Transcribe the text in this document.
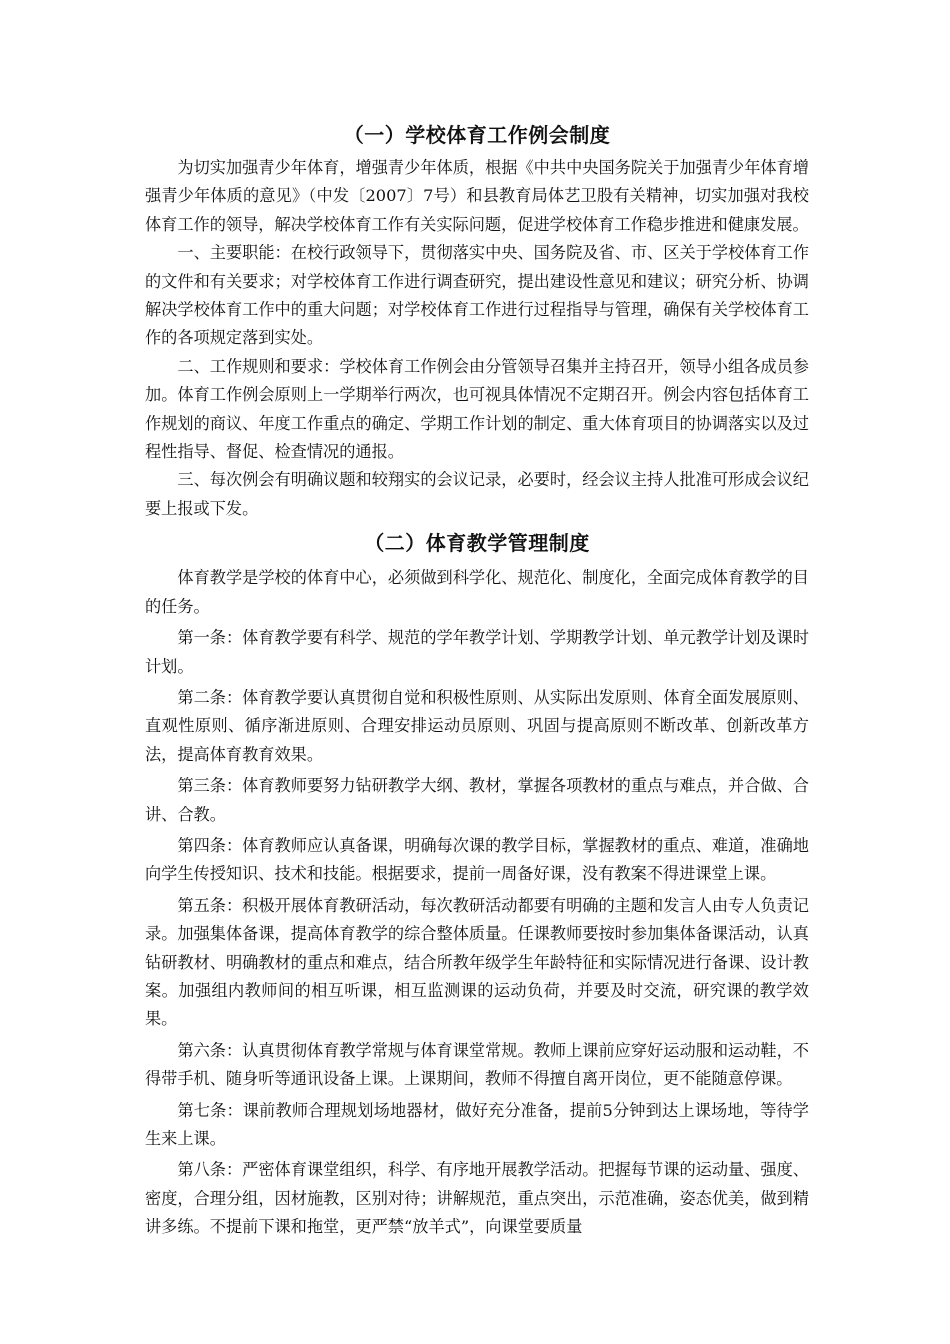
（一）学校体育工作例会制度

为切实加强青少年体育，增强青少年体质，根据《中共中央国务院关于加强青少年体育增强青少年体质的意见》（中发〔2007〕7号）和县教育局体艺卫股有关精神，切实加强对我校体育工作的领导，解决学校体育工作有关实际问题，促进学校体育工作稳步推进和健康发展。

一、主要职能：在校行政领导下，贯彻落实中央、国务院及省、市、区关于学校体育工作的文件和有关要求；对学校体育工作进行调查研究，提出建设性意见和建议；研究分析、协调解决学校体育工作中的重大问题；对学校体育工作进行过程指导与管理，确保有关学校体育工作的各项规定落到实处。

二、工作规则和要求：学校体育工作例会由分管领导召集并主持召开，领导小组各成员参加。体育工作例会原则上一学期举行两次，也可视具体情况不定期召开。例会内容包括体育工作规划的商议、年度工作重点的确定、学期工作计划的制定、重大体育项目的协调落实以及过程性指导、督促、检查情况的通报。

三、每次例会有明确议题和较翔实的会议记录，必要时，经会议主持人批准可形成会议纪要上报或下发。

（二）体育教学管理制度

体育教学是学校的体育中心，必须做到科学化、规范化、制度化，全面完成体育教学的目的任务。

第一条：体育教学要有科学、规范的学年教学计划、学期教学计划、单元教学计划及课时计划。

第二条：体育教学要认真贯彻自觉和积极性原则、从实际出发原则、体育全面发展原则、直观性原则、循序渐进原则、合理安排运动员原则、巩固与提高原则不断改革、创新改革方法，提高体育教育效果。

第三条：体育教师要努力钻研教学大纲、教材，掌握各项教材的重点与难点，并合做、合讲、合教。

第四条：体育教师应认真备课，明确每次课的教学目标，掌握教材的重点、难道，准确地向学生传授知识、技术和技能。根据要求，提前一周备好课，没有教案不得进课堂上课。

第五条：积极开展体育教研活动，每次教研活动都要有明确的主题和发言人由专人负责记录。加强集体备课，提高体育教学的综合整体质量。任课教师要按时参加集体备课活动，认真钻研教材、明确教材的重点和难点，结合所教年级学生年龄特征和实际情况进行备课、设计教案。加强组内教师间的相互听课，相互监测课的运动负荷，并要及时交流，研究课的教学效果。

第六条：认真贯彻体育教学常规与体育课堂常规。教师上课前应穿好运动服和运动鞋，不得带手机、随身听等通讯设备上课。上课期间，教师不得擅自离开岗位，更不能随意停课。

第七条：课前教师合理规划场地器材，做好充分准备，提前5分钟到达上课场地，等待学生来上课。

第八条：严密体育课堂组织，科学、有序地开展教学活动。把握每节课的运动量、强度、密度，合理分组，因材施教，区别对待；讲解规范，重点突出，示范准确，姿态优美，做到精讲多练。不提前下课和拖堂，更严禁“放羊式”，向课堂要质量
